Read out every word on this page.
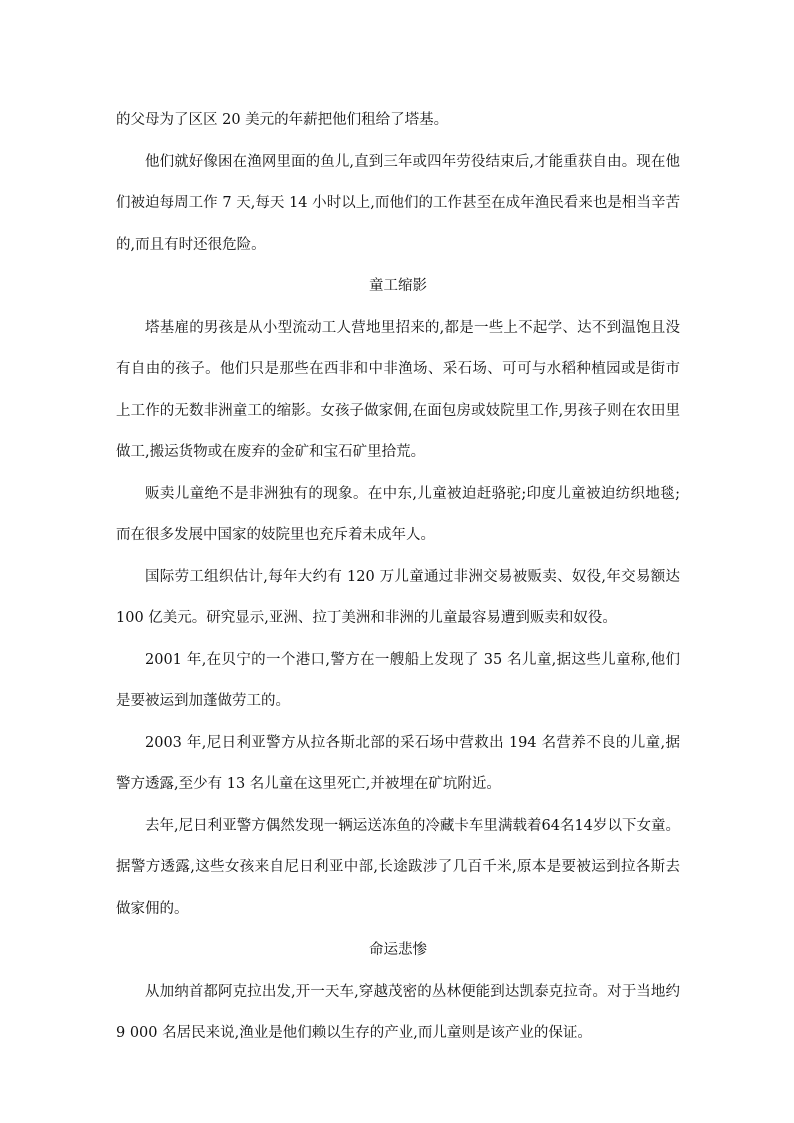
的父母为了区区 20 美元的年薪把他们租给了塔基。

他们就好像困在渔网里面的鱼儿,直到三年或四年劳役结束后,才能重获自由。现在他们被迫每周工作 7 天,每天 14 小时以上,而他们的工作甚至在成年渔民看来也是相当辛苦的,而且有时还很危险。

童工缩影

塔基雇的男孩是从小型流动工人营地里招来的,都是一些上不起学、达不到温饱且没有自由的孩子。他们只是那些在西非和中非渔场、采石场、可可与水稻种植园或是街市上工作的无数非洲童工的缩影。女孩子做家佣,在面包房或妓院里工作,男孩子则在农田里做工,搬运货物或在废弃的金矿和宝石矿里拾荒。

贩卖儿童绝不是非洲独有的现象。在中东,儿童被迫赶骆驼;印度儿童被迫纺织地毯;而在很多发展中国家的妓院里也充斥着未成年人。

国际劳工组织估计,每年大约有 120 万儿童通过非洲交易被贩卖、奴役,年交易额达 100 亿美元。研究显示,亚洲、拉丁美洲和非洲的儿童最容易遭到贩卖和奴役。

2001 年,在贝宁的一个港口,警方在一艘船上发现了 35 名儿童,据这些儿童称,他们是要被运到加蓬做劳工的。

2003 年,尼日利亚警方从拉各斯北部的采石场中营救出 194 名营养不良的儿童,据警方透露,至少有 13 名儿童在这里死亡,并被埋在矿坑附近。

去年,尼日利亚警方偶然发现一辆运送冻鱼的冷藏卡车里满载着64名14岁以下女童。据警方透露,这些女孩来自尼日利亚中部,长途跋涉了几百千米,原本是要被运到拉各斯去做家佣的。

命运悲惨

从加纳首都阿克拉出发,开一天车,穿越茂密的丛林便能到达凯泰克拉奇。对于当地约 9 000 名居民来说,渔业是他们赖以生存的产业,而儿童则是该产业的保证。
